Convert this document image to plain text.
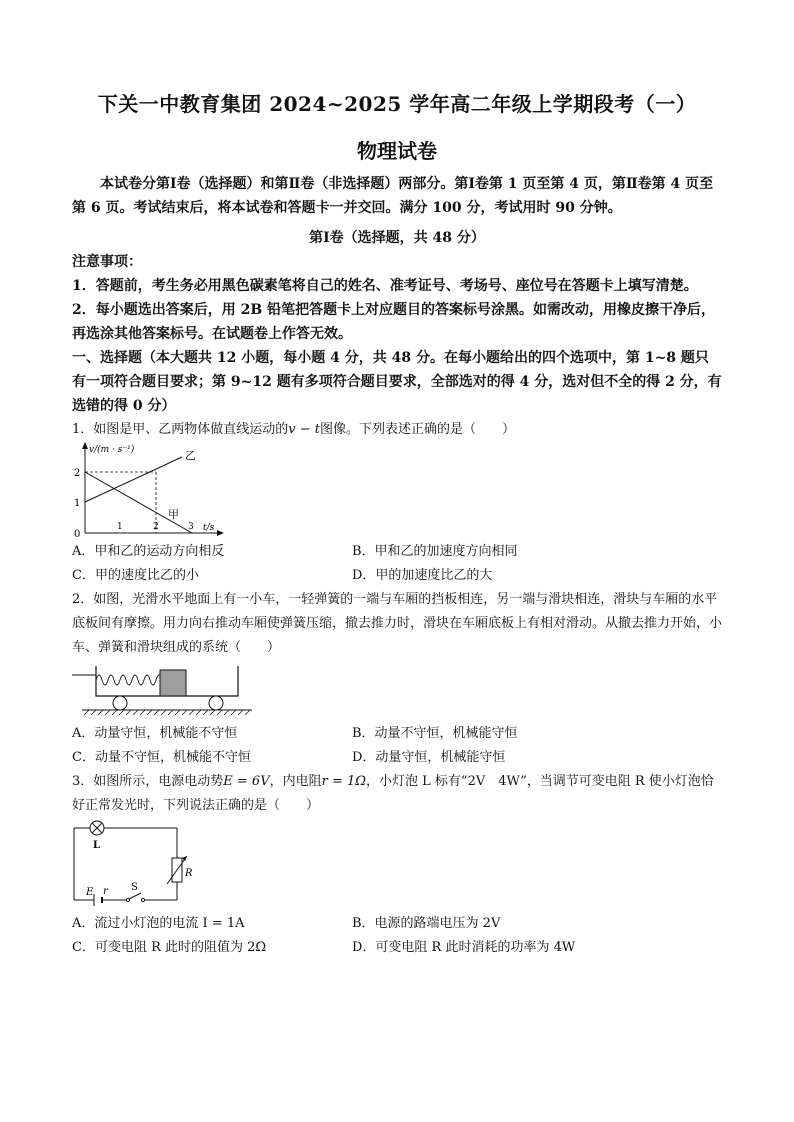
下关一中教育集团 2024~2025 学年高二年级上学期段考（一）
物理试卷

本试卷分第Ⅰ卷（选择题）和第Ⅱ卷（非选择题）两部分。第Ⅰ卷第 1 页至第 4 页，第Ⅱ卷第 4 页至第 6 页。考试结束后，将本试卷和答题卡一并交回。满分 100 分，考试用时 90 分钟。

第Ⅰ卷（选择题，共 48 分）

注意事项：

1．答题前，考生务必用黑色碳素笔将自己的姓名、准考证号、考场号、座位号在答题卡上填写清楚。

2．每小题选出答案后，用 2B 铅笔把答题卡上对应题目的答案标号涂黑。如需改动，用橡皮擦干净后，再选涂其他答案标号。在试题卷上作答无效。

一、选择题（本大题共 12 小题，每小题 4 分，共 48 分。在每小题给出的四个选项中，第 1~8 题只有一项符合题目要求；第 9~12 题有多项符合题目要求，全部选对的得 4 分，选对但不全的得 2 分，有选错的得 0 分）

1．如图是甲、乙两物体做直线运动的v − t图像。下列表述正确的是（　　）

v/(m · s⁻¹)
t/s
2
1
0
1	2	3
乙
甲
A．甲和乙的运动方向相反	B．甲和乙的加速度方向相同
C．甲的速度比乙的小	D．甲的加速度比乙的大

2．如图，光滑水平地面上有一小车，一轻弹簧的一端与车厢的挡板相连，另一端与滑块相连，滑块与车厢的水平底板间有摩擦。用力向右推动车厢使弹簧压缩，撤去推力时，滑块在车厢底板上有相对滑动。从撤去推力开始，小车、弹簧和滑块组成的系统（　　）

A．动量守恒，机械能不守恒	B．动量不守恒，机械能守恒
C．动量不守恒，机械能不守恒	D．动量守恒，机械能守恒

3．如图所示，电源电动势E = 6V，内电阻r = 1Ω，小灯泡 L 标有“2V　4W”，当调节可变电阻 R 使小灯泡恰好正常发光时，下列说法正确的是（　　）

L
R
E r S
A．流过小灯泡的电流 I = 1A	B．电源的路端电压为 2V
C．可变电阻 R 此时的阻值为 2Ω	D．可变电阻 R 此时消耗的功率为 4W
